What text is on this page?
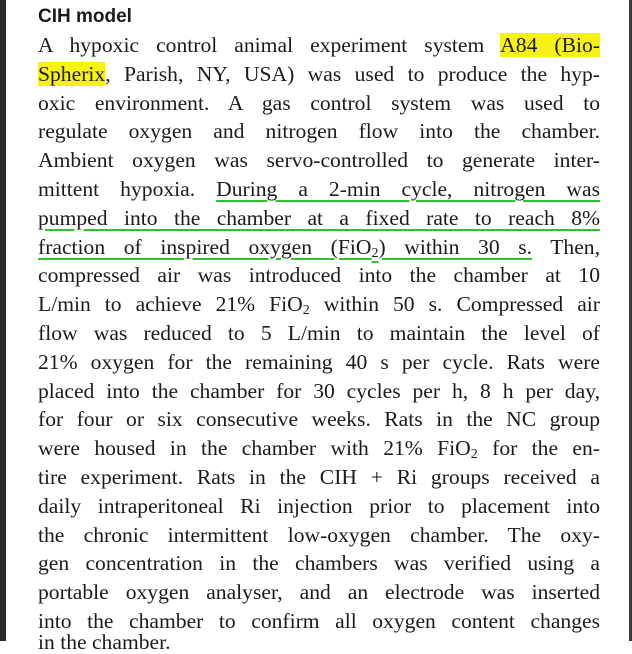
CIH model
A hypoxic control animal experiment system A84 (Bio-
Spherix, Parish, NY, USA) was used to produce the hyp-
oxic environment. A gas control system was used to
regulate oxygen and nitrogen flow into the chamber.
Ambient oxygen was servo-controlled to generate inter-
mittent hypoxia. During a 2-min cycle, nitrogen was
pumped into the chamber at a fixed rate to reach 8%
fraction of inspired oxygen (FiO$_2$) within 30 s. Then,
compressed air was introduced into the chamber at 10
L/min to achieve 21% FiO$_2$ within 50 s. Compressed air
flow was reduced to 5 L/min to maintain the level of
21% oxygen for the remaining 40 s per cycle. Rats were
placed into the chamber for 30 cycles per h, 8 h per day,
for four or six consecutive weeks. Rats in the NC group
were housed in the chamber with 21% FiO$_2$ for the en-
tire experiment. Rats in the CIH + Ri groups received a
daily intraperitoneal Ri injection prior to placement into
the chronic intermittent low-oxygen chamber. The oxy-
gen concentration in the chambers was verified using a
portable oxygen analyser, and an electrode was inserted
into the chamber to confirm all oxygen content changes
in the chamber.
